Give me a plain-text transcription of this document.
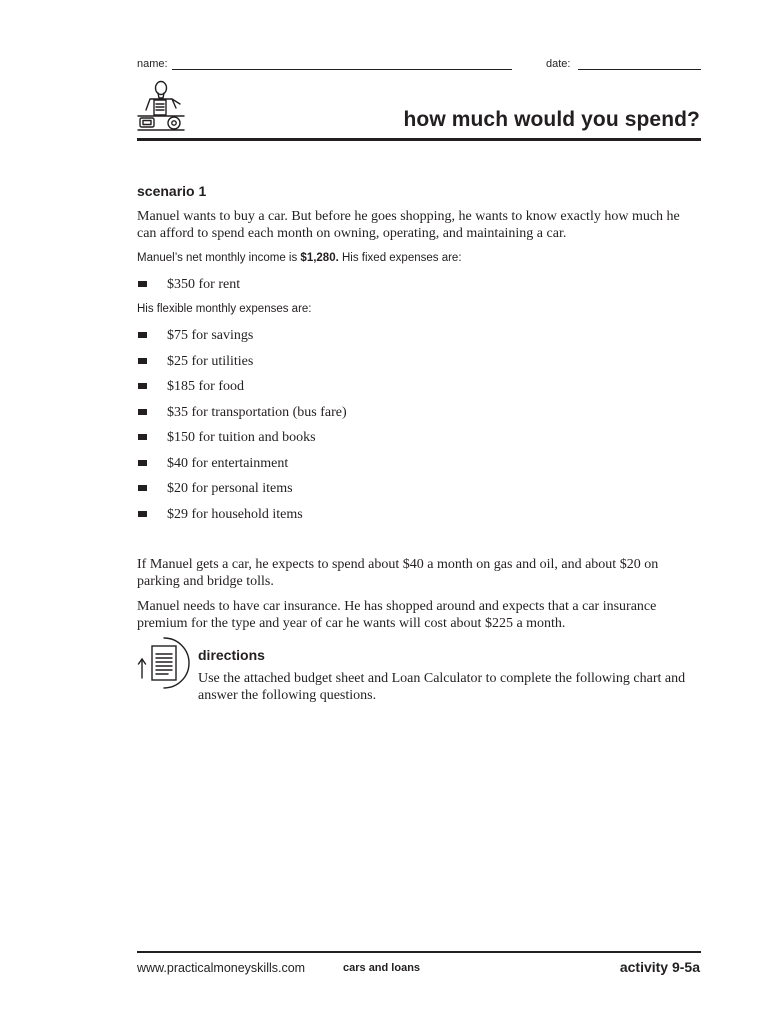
name:	date:
how much would you spend?
scenario 1
Manuel wants to buy a car. But before he goes shopping, he wants to know exactly how much he can afford to spend each month on owning, operating, and maintaining a car.
Manuel’s net monthly income is $1,280. His fixed expenses are:
$350 for rent
His flexible monthly expenses are:
$75 for savings
$25 for utilities
$185 for food
$35 for transportation (bus fare)
$150 for tuition and books
$40 for entertainment
$20 for personal items
$29 for household items
If Manuel gets a car, he expects to spend about $40 a month on gas and oil, and about $20 on parking and bridge tolls.
Manuel needs to have car insurance. He has shopped around and expects that a car insurance premium for the type and year of car he wants will cost about $225 a month.
directions
Use the attached budget sheet and Loan Calculator to complete the following chart and answer the following questions.
www.practicalmoneyskills.com	cars and loans	activity 9-5a
